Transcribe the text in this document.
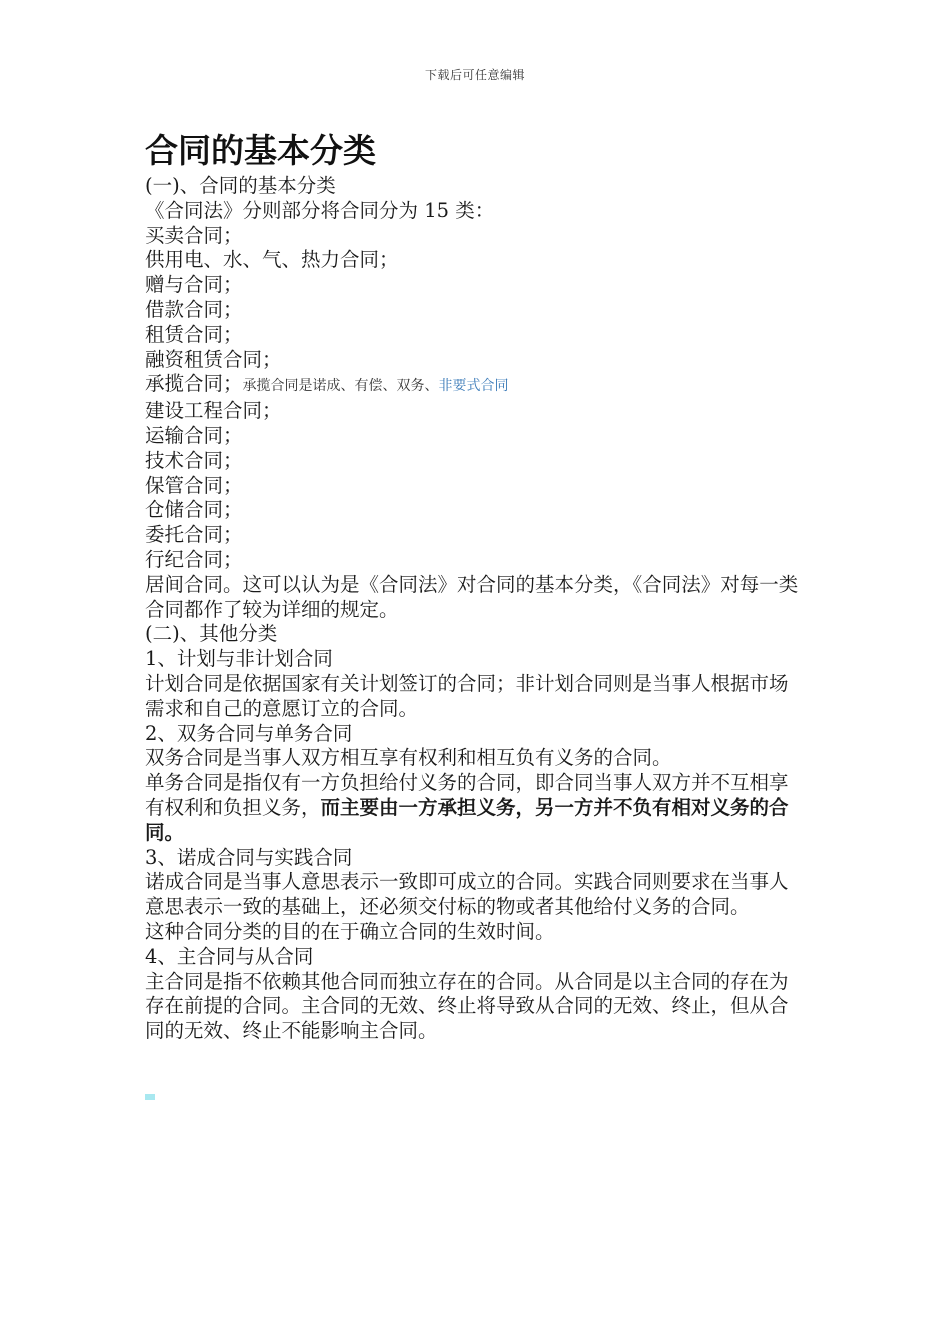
下载后可任意编辑
合同的基本分类

(一)、合同的基本分类

《合同法》分则部分将合同分为 15 类：

买卖合同；

供用电、水、气、热力合同；

赠与合同；

借款合同；

租赁合同；

融资租赁合同；

承揽合同；承揽合同是诺成、有偿、双务、非要式合同

建设工程合同；

运输合同；

技术合同；

保管合同；

仓储合同；

委托合同；

行纪合同；

居间合同。这可以认为是《合同法》对合同的基本分类，《合同法》对每一类合同都作了较为详细的规定。

(二)、其他分类

1、计划与非计划合同

计划合同是依据国家有关计划签订的合同；非计划合同则是当事人根据市场需求和自己的意愿订立的合同。

2、双务合同与单务合同

双务合同是当事人双方相互享有权利和相互负有义务的合同。

单务合同是指仅有一方负担给付义务的合同，即合同当事人双方并不互相享有权利和负担义务，而主要由一方承担义务，另一方并不负有相对义务的合同。

3、诺成合同与实践合同

诺成合同是当事人意思表示一致即可成立的合同。实践合同则要求在当事人意思表示一致的基础上，还必须交付标的物或者其他给付义务的合同。

这种合同分类的目的在于确立合同的生效时间。

4、主合同与从合同

主合同是指不依赖其他合同而独立存在的合同。从合同是以主合同的存在为存在前提的合同。主合同的无效、终止将导致从合同的无效、终止，但从合同的无效、终止不能影响主合同。
